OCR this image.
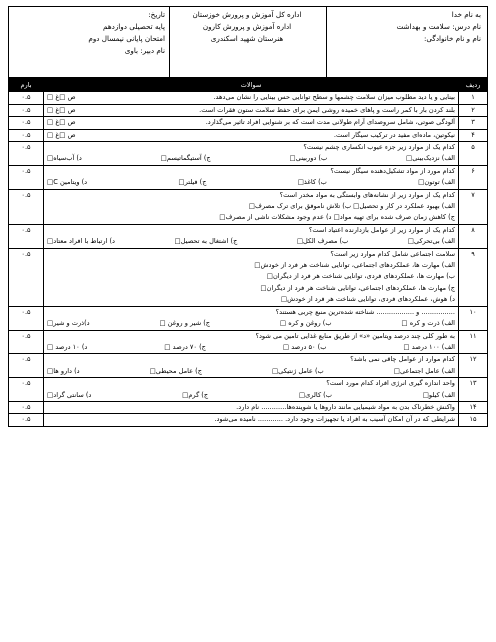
به نام خدا
نام درس: سلامت و بهداشت
نام و نام خانوادگی:
اداره کل آموزش و پرورش خوزستان
اداره آموزش و پرورش کارون
هنرستان شهید اسکندری
تاریخ:
پایه تحصیلی دوازدهم
امتحان پایانی نیمسال دوم
نام دبیر: باوی
ردیف	سوالات	بارم
۱	ص □غ □ بینایی و یا دید مطلوب میزان سلامت چشمها و سطح توانایی حس بینایی را نشان می‌دهد.	۰.۵
۲	ص □غ □ بلند کردن بار با کمر راست و پاهای خمیده روشی ایمن برای حفظ سلامت ستون فقرات است.	۰.۵
۳	ص □غ □ آلودگی صوتی، شامل سروصدای آرام طولانی مدت است که بر شنوایی افراد تاثیر می‌گذارد.	۰.۵
۴	ص □غ □ نیکوتین، ماده‌ای مفید در ترکیب سیگار است.	۰.۵
۵	کدام یک از موارد زیر جزء عیوب انکساری چشم نیست؟
الف) نزدیک‌بینی□
ب) دوربینی□
ج) آستیگماتیسم□
د) آب‌سیاه□	۰.۵
۶	کدام مورد از مواد تشکیل‌دهنده سیگار نیست؟
الف) توتون□
ب) کاغذ□
ج) فیلتر□
د) ویتامین C□	۰.۵
۷	کدام یک از موارد زیر از نشانه‌های وابستگی به مواد مخدر است؟
الف) بهبود عملکرد در کار و تحصیل□ ب) تلاش ناموفق برای ترک مصرف□
ج) کاهش زمان صرف شده برای تهیه مواد□ د) عدم وجود مشکلات ناشی از مصرف□	۰.۵
۸	کدام یک از موارد زیر از عوامل بازدارنده اعتیاد است؟
الف) بی‌تحرکی□
ب) مصرف الکل□
ج) اشتغال به تحصیل□
د) ارتباط با افراد معتاد□	۰.۵
۹	سلامت اجتماعی شامل کدام موارد زیر است؟
الف) مهارت ها، عملکردهای اجتماعی، توانایی شناخت هر فرد از خودش□
ب) مهارت ها، عملکردهای فردی، توانایی شناخت هر فرد از دیگران□
ج) مهارت ها، عملکردهای اجتماعی، توانایی شناخت هر فرد از دیگران□
د) هوش، عملکردهای فردی، توانایی شناخت هر فرد از خودش□	۰.۵
۱۰	................ و .................. شناخته شده‌ترین منبع چربی هستند؟
الف) ذرت و کره □
ب) روغن و کره □
ج) شیر و روغن □
د)ذرت و شیر□	۰.۵
۱۱	به طور کلی چند درصد ویتامین «د» از طریق منابع غذایی تامین می شود؟
الف) ۱۰۰ درصد □
ب) ۵۰ درصد □
ج) ۷۰ درصد □
د) ۱۰ درصد □	۰.۵
۱۲	کدام موارد از عوامل چاقی نمی باشد؟
الف) عامل اجتماعی□
ب) عامل ژنتیکی□
ج) عامل محیطی□
د) دارو ها□	۰.۵
۱۳	واحد اندازه گیری انرژی افراد کدام مورد است؟
الف) کیلو□
ب) کالری□
ج) گرم□
د) سانتی گراد□	۰.۵
۱۴	واکنش خطرناک بدن به مواد شیمیایی مانند داروها یا شوینده‌ها............ نام دارد.	۰.۵
۱۵	شرایطی که در آن امکان آسیب به افراد یا تجهیزات وجود دارد. ............ نامیده می‌شود.	۰.۵
